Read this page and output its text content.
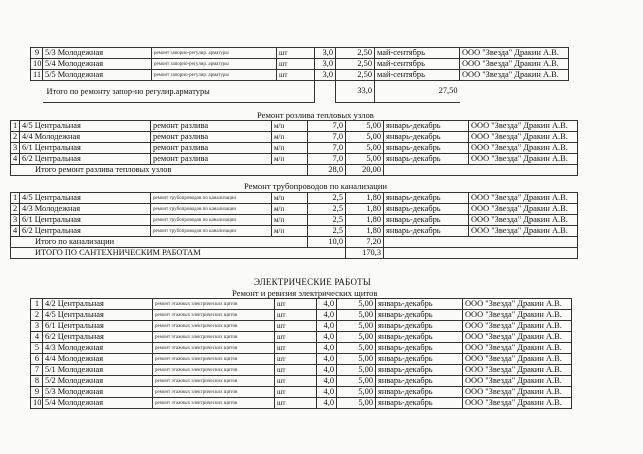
9	5/3 Молодежная	ремонт запорно-регулир. арматуры	шт	3,0	2,50	май-сентябрь	ООО "Звезда" Дракин А.В.
10	5/4 Молодежная	ремонт запорно-регулир. арматуры	шт	3,0	2,50	май-сентябрь	ООО "Звезда" Дракин А.В.
11	5/5 Молодежная	ремонт запорно-регулир. арматуры	шт	3,0	2,50	май-сентябрь	ООО "Звезда" Дракин А.В.
	Итого по ремонту запор-но регулир.арматуры				33,0	27,50	
Ремонт розлива тепловых узлов
1	4/5 Центральная	ремонт разлива	м/п	7,0	5,00	январь-декабрь	ООО "Звезда" Дракин А.В.
2	4/4 Молодежная	ремонт разлива	м/п	7,0	5,00	январь-декабрь	ООО "Звезда" Дракин А.В.
3	6/1 Центральная	ремонт разлива	м/п	7,0	5,00	январь-декабрь	ООО "Звезда" Дракин А.В.
4	6/2 Центральная	ремонт разлива	м/п	7,0	5,00	январь-декабрь	ООО "Звезда" Дракин А.В.
Итого ремонт разлива тепловых узлов				28,0	20,00		
Ремонт трубопроводов по канализации
1	4/5 Центральная	ремонт трубопроводов по канализации	м/п	2,5	1,80	январь-декабрь	ООО "Звезда" Дракин А.В.
2	4/3 Молодежная	ремонт трубопроводов по канализации	м/п	2,5	1,80	январь-декабрь	ООО "Звезда" Дракин А.В.
3	6/1 Центральная	ремонт трубопроводов по канализации	м/п	2,5	1,80	январь-декабрь	ООО "Звезда" Дракин А.В.
4	6/2 Центральная	ремонт трубопроводов по канализации	м/п	2,5	1,80	январь-декабрь	ООО "Звезда" Дракин А.В.
Итого по канализации				10,0	7,20		
ИТОГО ПО САНТЕХНИЧЕСКИМ РАБОТАМ					170,3		
ЭЛЕКТРИЧЕСКИЕ РАБОТЫ
Ремонт и ревизия электрических щитов
1	4/2 Центральная	ремонт этажных электрических щитов	шт	4,0	5,00	январь-декабрь	ООО "Звезда" Дракин А.В.
2	4/5 Центральная	ремонт этажных электрических щитов	шт	4,0	5,00	январь-декабрь	ООО "Звезда" Дракин А.В.
3	6/1 Центральная	ремонт этажных электрических щитов	шт	4,0	5,00	январь-декабрь	ООО "Звезда" Дракин А.В.
4	6/2 Центральная	ремонт этажных электрических щитов	шт	4,0	5,00	январь-декабрь	ООО "Звезда" Дракин А.В.
5	4/3 Молодежная	ремонт этажных электрических щитов	шт	4,0	5,00	январь-декабрь	ООО "Звезда" Дракин А.В.
6	4/4 Молодежная	ремонт этажных электрических щитов	шт	4,0	5,00	январь-декабрь	ООО "Звезда" Дракин А.В.
7	5/1 Молодежная	ремонт этажных электрических щитов	шт	4,0	5,00	январь-декабрь	ООО "Звезда" Дракин А.В.
8	5/2 Молодежная	ремонт этажных электрических щитов	шт	4,0	5,00	январь-декабрь	ООО "Звезда" Дракин А.В.
9	5/3 Молодежная	ремонт этажных электрических щитов	шт	4,0	5,00	январь-декабрь	ООО "Звезда" Дракин А.В.
10	5/4 Молодежная	ремонт этажных электрических щитов	шт	4,0	5,00	январь-декабрь	ООО "Звезда" Дракин А.В.
